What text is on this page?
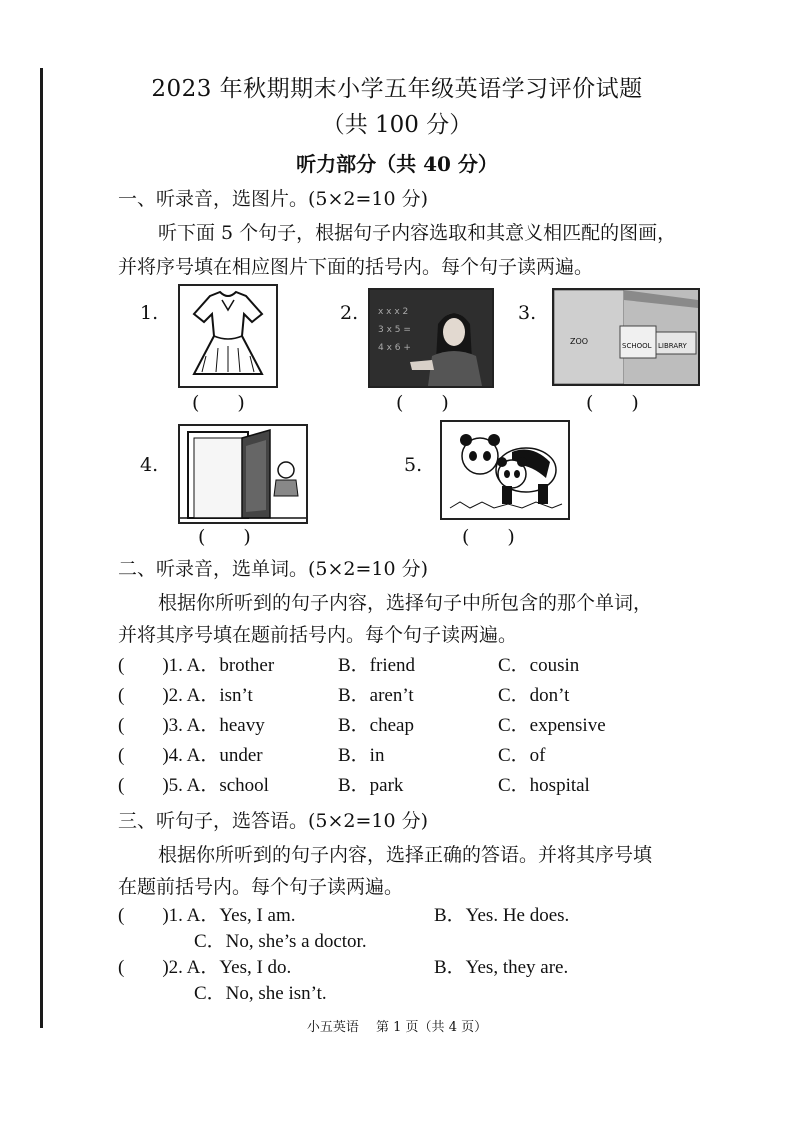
2023 年秋期期末小学五年级英语学习评价试题
（共 100 分）
听力部分（共 40 分）
一、听录音，选图片。(5×2=10 分)
听下面 5 个句子，根据句子内容选取和其意义相匹配的图画，
并将序号填在相应图片下面的括号内。每个句子读两遍。
1.
(　　)
2. x x x 2
3 x 5 =
4 x 6 +
(　　)
3.
ZOO	SCHOOL LIBRARY
(　　)
4.
(　　)
5.
(　　)
二、听录音，选单词。(5×2=10 分)
根据你所听到的句子内容，选择句子中所包含的那个单词，
并将其序号填在题前括号内。每个句子读两遍。
(　　)1. A．brother	B．friend	C．cousin
(　　)2. A．isn’t	B．aren’t	C．don’t
(　　)3. A．heavy	B．cheap	C．expensive
(　　)4. A．under	B．in	C．of
(　　)5. A．school	B．park	C．hospital
三、听句子，选答语。(5×2=10 分)
根据你所听到的句子内容，选择正确的答语。并将其序号填
在题前括号内。每个句子读两遍。
(　　)1. A．Yes, I am.	B．Yes. He does.
C．No, she’s a doctor.
(　　)2. A．Yes, I do.	B．Yes, they are.
C．No, she isn’t.
小五英语　 第 1 页（共 4 页）
